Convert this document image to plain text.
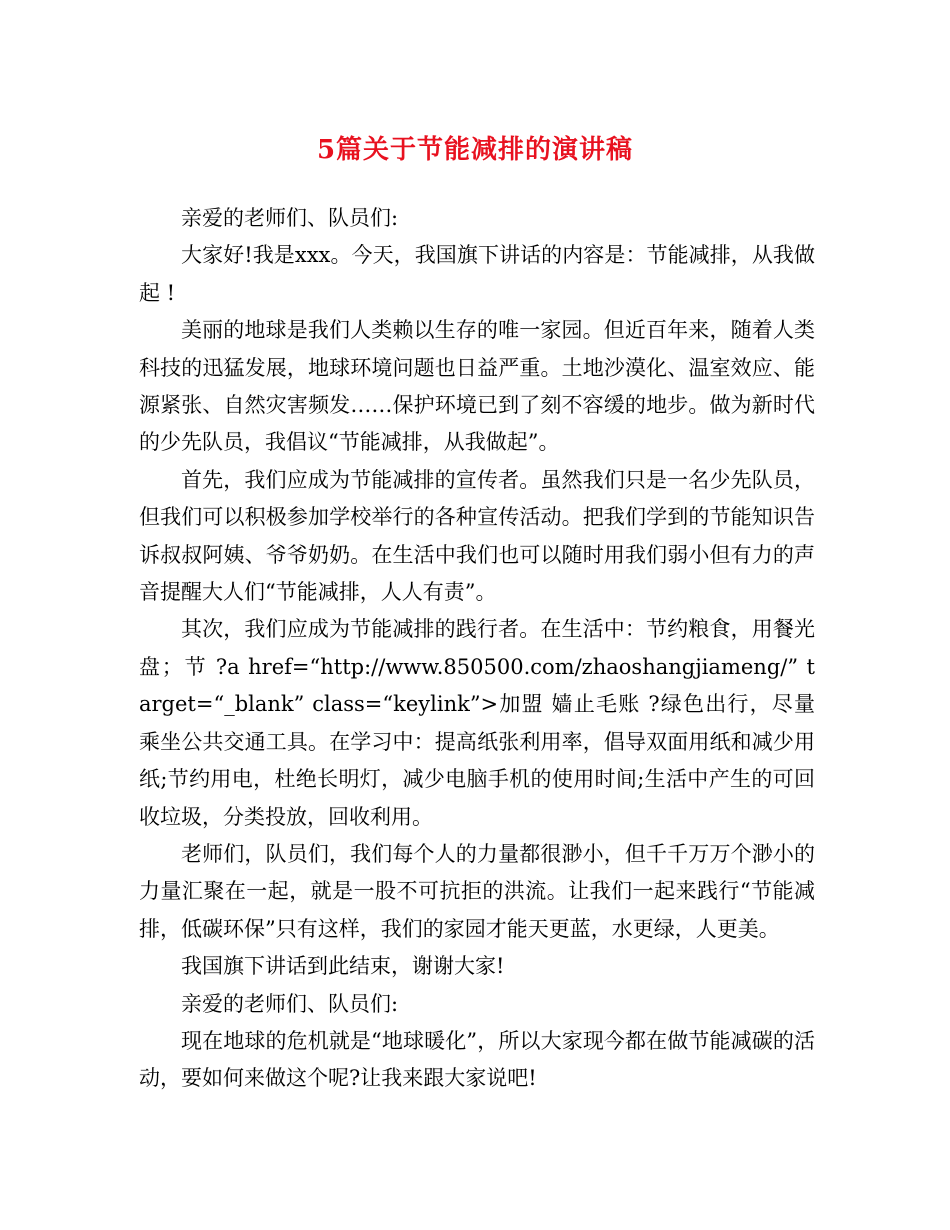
5篇关于节能减排的演讲稿

亲爱的老师们、队员们:

大家好!我是xxx。今天，我国旗下讲话的内容是：节能减排，从我做起 !

美丽的地球是我们人类赖以生存的唯一家园。但近百年来，随着人类科技的迅猛发展，地球环境问题也日益严重。土地沙漠化、温室效应、能源紧张、自然灾害频发……保护环境已到了刻不容缓的地步。做为新时代的少先队员，我倡议“节能减排，从我做起”。

首先，我们应成为节能减排的宣传者。虽然我们只是一名少先队员，但我们可以积极参加学校举行的各种宣传活动。把我们学到的节能知识告诉叔叔阿姨、爷爷奶奶。在生活中我们也可以随时用我们弱小但有力的声音提醒大人们“节能减排，人人有责”。

其次，我们应成为节能减排的践行者。在生活中：节约粮食，用餐光盘；节 ?a href=“http://www.850500.com/zhaoshangjiameng/” target=“_blank” class=“keylink”>加盟 嫱止毛账 ?绿色出行，尽量乘坐公共交通工具。在学习中：提高纸张利用率，倡导双面用纸和减少用纸;节约用电，杜绝长明灯，减少电脑手机的使用时间;生活中产生的可回收垃圾，分类投放，回收利用。

老师们，队员们，我们每个人的力量都很渺小，但千千万万个渺小的力量汇聚在一起，就是一股不可抗拒的洪流。让我们一起来践行“节能减排，低碳环保”只有这样，我们的家园才能天更蓝，水更绿，人更美。

我国旗下讲话到此结束，谢谢大家!

亲爱的老师们、队员们:

现在地球的危机就是“地球暖化”，所以大家现今都在做节能减碳的活动，要如何来做这个呢?让我来跟大家说吧!
